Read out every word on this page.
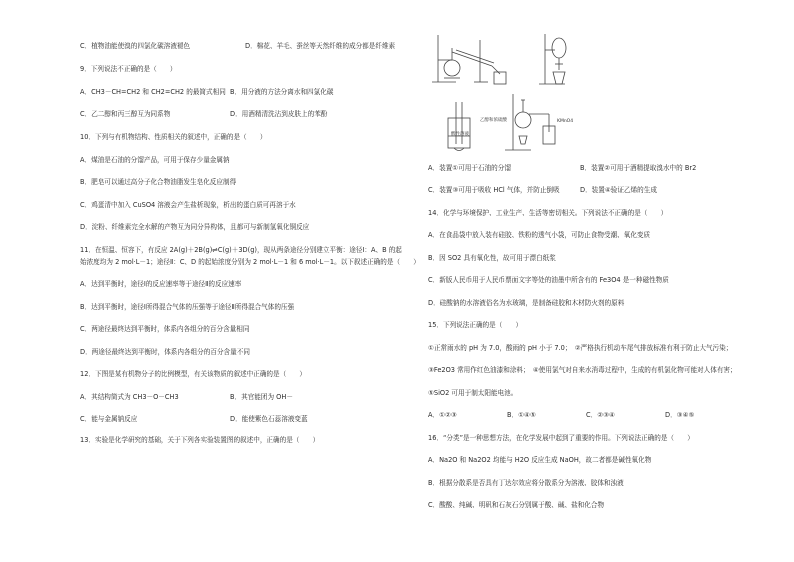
C．植物油能使溴的四氯化碳溶液褪色	D．棉花、羊毛、蚕丝等天然纤维的成分都是纤维素
9．下列说法不正确的是（　　）
A．CH3－CH=CH2 和 CH2=CH2 的最简式相同 B．用分液的方法分离水和四氯化碳
C．乙二醇和丙三醇互为同系物	D．用酒精清洗沾到皮肤上的苯酚
10．下列与有机物结构、性质相关的叙述中，正确的是（　　）
A．煤油是石油的分馏产品，可用于保存少量金属钠
B．肥皂可以通过高分子化合物油脂发生皂化反应制得
C．鸡蛋清中加入 CuSO4 溶液会产生盐析现象，析出的蛋白质可再溶于水
D．淀粉、纤维素完全水解的产物互为同分异构体，且都可与新制氢氧化铜反应
11．在恒温、恒容下，有反应 2A(g)＋2B(g)⇌C(g)＋3D(g)，现从两条途径分别建立平衡：途径Ⅰ：A、B 的起
始浓度均为 2 mol·L－1；途径Ⅱ：C、D 的起始浓度分别为 2 mol·L－1 和 6 mol·L－1。以下叙述正确的是（　　）
A．达到平衡时，途径Ⅰ的反应速率等于途径Ⅱ的反应速率
B．达到平衡时，途径Ⅰ所得混合气体的压强等于途径Ⅱ所得混合气体的压强
C．两途径最终达到平衡时，体系内各组分的百分含量相同
D．两途径最终达到平衡时，体系内各组分的百分含量不同
12．下图是某有机物分子的比例模型，有关该物质的叙述中正确的是（　　）
A．其结构简式为 CH3－O－CH3	B．其官能团为 OH－
C．能与金属钠反应	D．能使紫色石蕊溶液变蓝
13．实验是化学研究的基础，关于下列各实验装置图的叙述中，正确的是（　　）
酸性溶液
乙醇和浓硫酸	KMnO4
A．装置①可用于石油的分馏	B．装置②可用于酒精提取溴水中的 Br2
C．装置③可用于吸收 HCl 气体，并防止倒吸	D．装置④验证乙烯的生成
14．化学与环境保护、工业生产、生活等密切相关。下列说法不正确的是（　　）
A．在食品袋中放入装有硅胶、铁粉的透气小袋，可防止食物受潮、氧化变质
B．因 SO2 具有氧化性，故可用于漂白纸浆
C．新版人民币用于人民币票面文字等处的油墨中所含有的 Fe3O4 是一种磁性物质
D．硅酸钠的水溶液俗名为水玻璃，是制备硅胶和木材防火剂的原料
15．下列说法正确的是（　　）
①正常雨水的 pH 为 7.0，酸雨的 pH 小于 7.0；　②严格执行机动车尾气排放标准有利于防止大气污染；
③Fe2O3 常用作红色油漆和涂料；　④使用氯气对自来水消毒过程中，生成的有机氯化物可能对人体有害；
⑤SiO2 可用于制太阳能电池。
A．①②③	B．①④⑤	C．②③④	D．③④⑤
16．“分类”是一种思想方法，在化学发展中起到了重要的作用。下列说法正确的是（　　）
A．Na2O 和 Na2O2 均能与 H2O 反应生成 NaOH，故二者都是碱性氧化物
B．根据分散系是否具有丁达尔效应将分散系分为溶液、胶体和浊液
C．酸酸、纯碱、明矾和石灰石分别属于酸、碱、盐和化合物
